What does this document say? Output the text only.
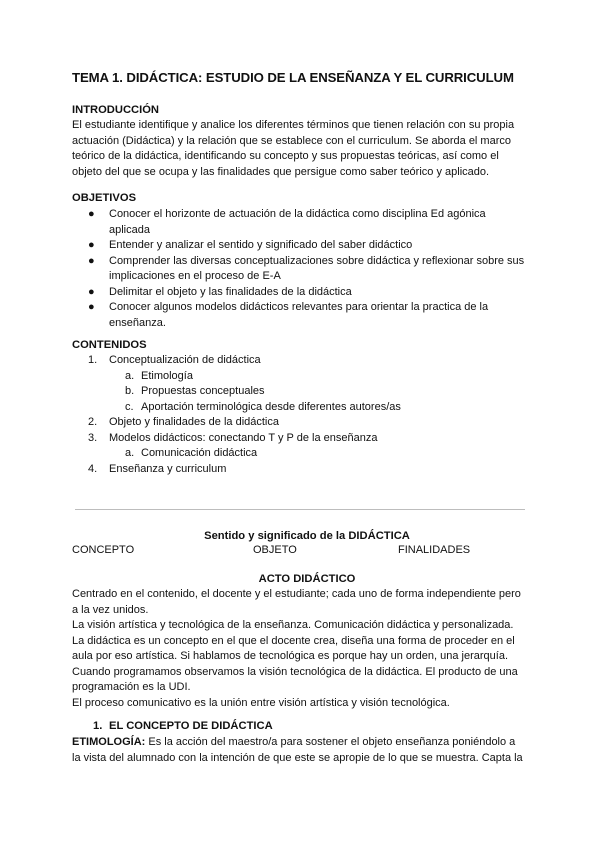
TEMA 1. DIDÁCTICA: ESTUDIO DE LA ENSEÑANZA Y EL CURRICULUM
INTRODUCCIÓN
El estudiante identifique y analice los diferentes términos que tienen relación con su propia
actuación (Didáctica) y la relación que se establece con el curriculum. Se aborda el marco
teórico de la didáctica, identificando su concepto y sus propuestas teóricas, así como el
objeto del que se ocupa y las finalidades que persigue como saber teórico y aplicado.
OBJETIVOS
● Conocer el horizonte de actuación de la didáctica como disciplina Ed agónica
aplicada
● Entender y analizar el sentido y significado del saber didáctico
● Comprender las diversas conceptualizaciones sobre didáctica y reflexionar sobre sus
implicaciones en el proceso de E-A
● Delimitar el objeto y las finalidades de la didáctica
● Conocer algunos modelos didácticos relevantes para orientar la practica de la
enseñanza.
CONTENIDOS
1. Conceptualización de didáctica
a. Etimología
b. Propuestas conceptuales
c. Aportación terminológica desde diferentes autores/as
2. Objeto y finalidades de la didáctica
3. Modelos didácticos: conectando T y P de la enseñanza
a. Comunicación didáctica
4. Enseñanza y curriculum
Sentido y significado de la DIDÁCTICA
CONCEPTO	OBJETO	FINALIDADES
ACTO DIDÁCTICO
Centrado en el contenido, el docente y el estudiante; cada uno de forma independiente pero
a la vez unidos.
La visión artística y tecnológica de la enseñanza. Comunicación didáctica y personalizada.
La didáctica es un concepto en el que el docente crea, diseña una forma de proceder en el
aula por eso artística. Si hablamos de tecnológica es porque hay un orden, una jerarquía.
Cuando programamos observamos la visión tecnológica de la didáctica. El producto de una
programación es la UDI.
El proceso comunicativo es la unión entre visión artística y visión tecnológica.
1. EL CONCEPTO DE DIDÁCTICA
ETIMOLOGÍA: Es la acción del maestro/a para sostener el objeto enseñanza poniéndolo a
la vista del alumnado con la intención de que este se apropie de lo que se muestra. Capta la
